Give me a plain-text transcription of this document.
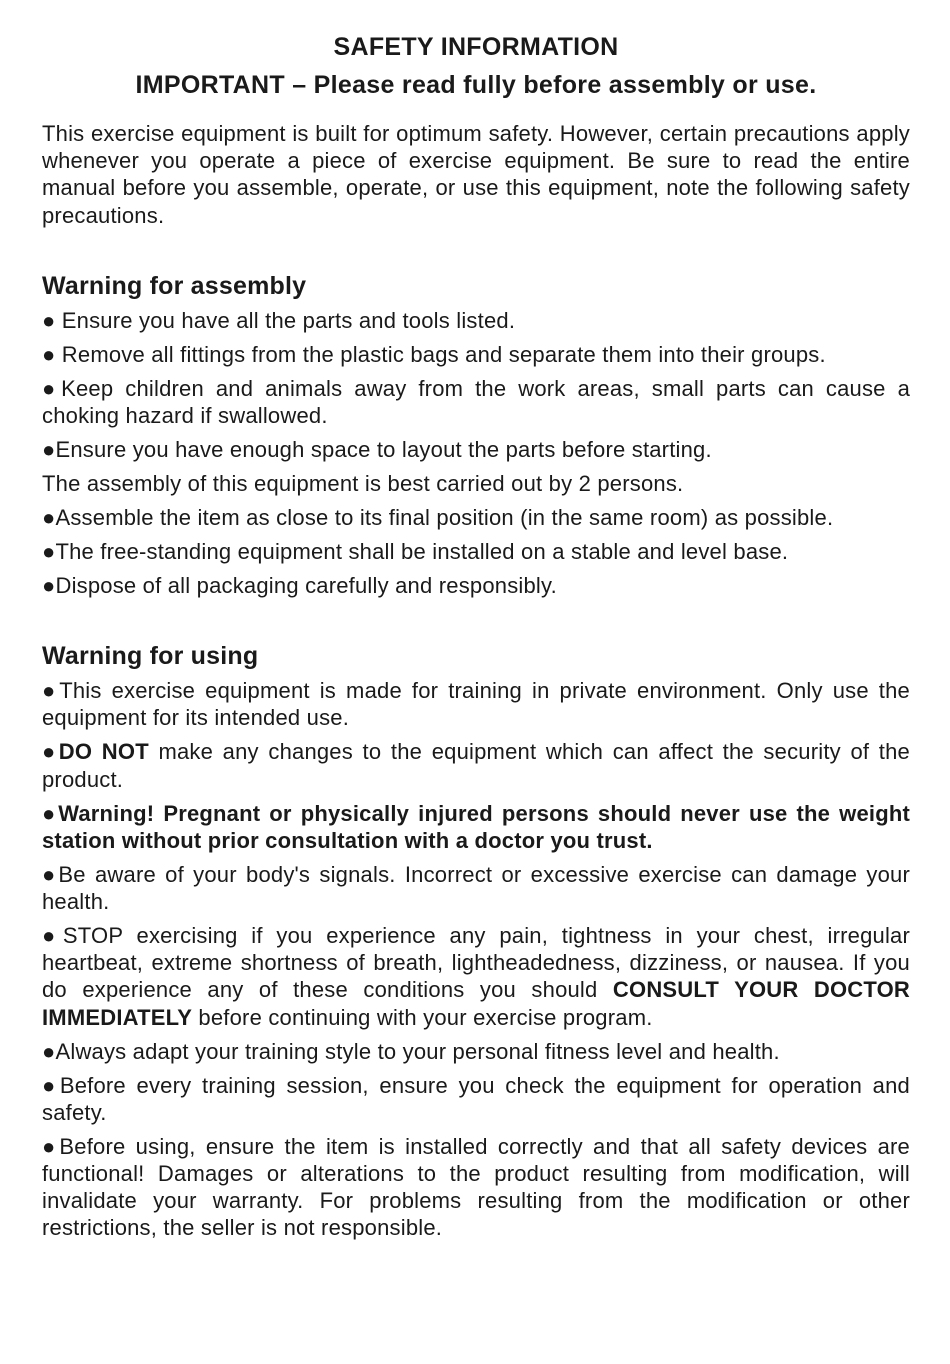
SAFETY INFORMATION
IMPORTANT – Please read fully before assembly or use.

This exercise equipment is built for optimum safety. However, certain precautions apply whenever you operate a piece of exercise equipment. Be sure to read the entire manual before you assemble, operate, or use this equipment, note the following safety precautions.

Warning for assembly
● Ensure you have all the parts and tools listed.
● Remove all fittings from the plastic bags and separate them into their groups.
●Keep children and animals away from the work areas, small parts can cause a choking hazard if swallowed.
●Ensure you have enough space to layout the parts before starting.
The assembly of this equipment is best carried out by 2 persons.
●Assemble the item as close to its final position (in the same room) as possible.
●The free-standing equipment shall be installed on a stable and level base.
●Dispose of all packaging carefully and responsibly.
Warning for using
●This exercise equipment is made for training in private environment. Only use the equipment for its intended use.
●DO NOT make any changes to the equipment which can affect the security of the product.
●Warning! Pregnant or physically injured persons should never use the weight station without prior consultation with a doctor you trust.
●Be aware of your body's signals. Incorrect or excessive exercise can damage your health.
●STOP exercising if you experience any pain, tightness in your chest, irregular heartbeat, extreme shortness of breath, lightheadedness, dizziness, or nausea. If you do experience any of these conditions you should CONSULT YOUR DOCTOR IMMEDIATELY before continuing with your exercise program.
●Always adapt your training style to your personal fitness level and health.
●Before every training session, ensure you check the equipment for operation and safety.
●Before using, ensure the item is installed correctly and that all safety devices are functional! Damages or alterations to the product resulting from modification, will invalidate your warranty. For problems resulting from the modification or other restrictions, the seller is not responsible.
